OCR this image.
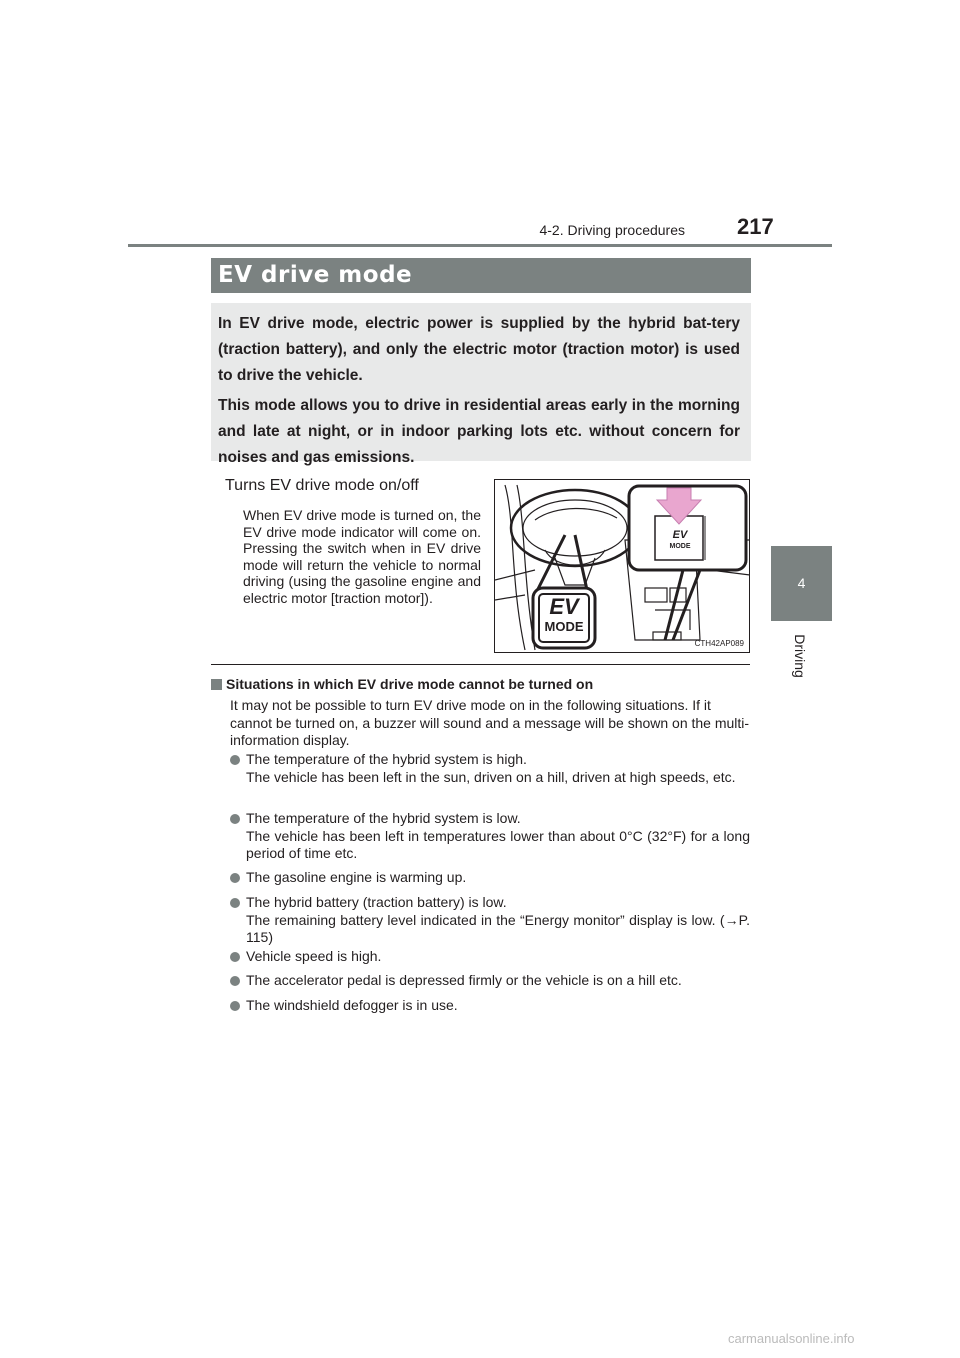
4-2. Driving procedures 217
4
Driving
EV drive mode

In EV drive mode, electric power is supplied by the hybrid bat-tery (traction battery), and only the electric motor (traction motor) is used to drive the vehicle.

This mode allows you to drive in residential areas early in the morning and late at night, or in indoor parking lots etc. without concern for noises and gas emissions.

Turns EV drive mode on/off

When EV drive mode is turned on, the EV drive mode indicator will come on. Pressing the switch when in EV drive mode will return the vehicle to normal driving (using the gasoline engine and electric motor [traction motor]).

EV
MODE
EV
MODE
CTH42AP089
Situations in which EV drive mode cannot be turned on

It may not be possible to turn EV drive mode on in the following situations. If it cannot be turned on, a buzzer will sound and a message will be shown on the multi-information display.

The temperature of the hybrid system is high.
The vehicle has been left in the sun, driven on a hill, driven at high speeds, etc.
The temperature of the hybrid system is low.
The vehicle has been left in temperatures lower than about 0°C (32°F) for a long period of time etc.
The gasoline engine is warming up.
The hybrid battery (traction battery) is low.
The remaining battery level indicated in the “Energy monitor” display is low. (→P. 115)
Vehicle speed is high.
The accelerator pedal is depressed firmly or the vehicle is on a hill etc.
The windshield defogger is in use.
carmanualsonline.info
